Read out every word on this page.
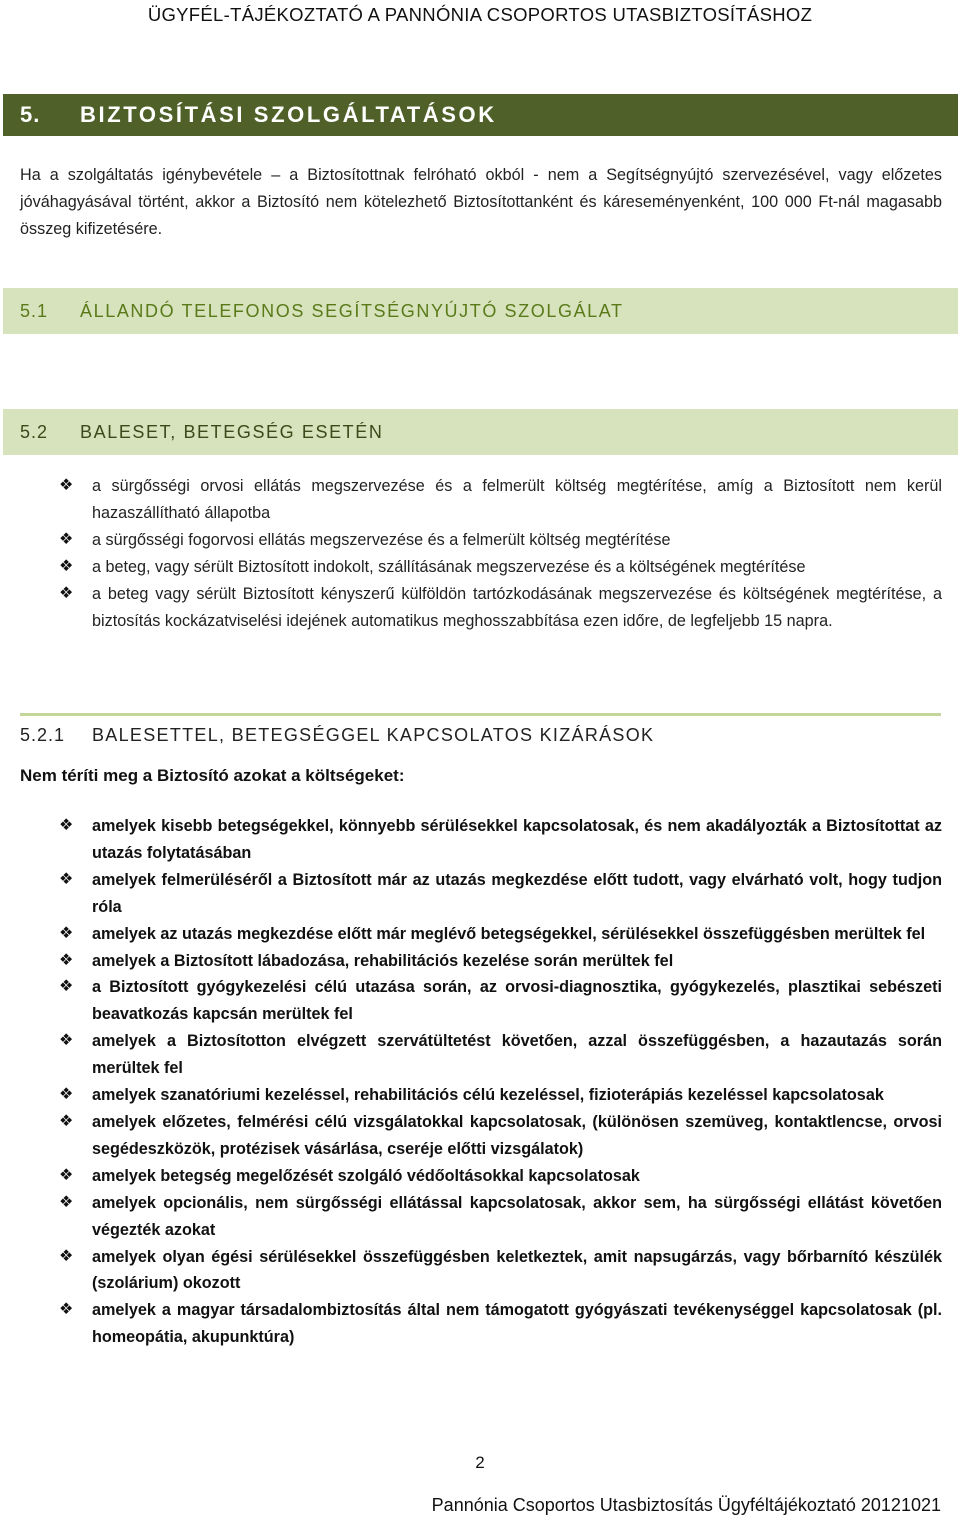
ÜGYFÉL-TÁJÉKOZTATÓ A PANNÓNIA CSOPORTOS UTASBIZTOSÍTÁSHOZ
5.	BIZTOSÍTÁSI SZOLGÁLTATÁSOK

Ha a szolgáltatás igénybevétele – a Biztosítottnak felróható okból - nem a Segítségnyújtó szervezésével, vagy előzetes jóváhagyásával történt, akkor a Biztosító nem kötelezhető Biztosítottanként és káreseményenként, 100 000 Ft-nál magasabb összeg kifizetésére.

5.1	ÁLLANDÓ TELEFONOS SEGÍTSÉGNYÚJTÓ SZOLGÁLAT
5.2	BALESET, BETEGSÉG ESETÉN
❖ a sürgősségi orvosi ellátás megszervezése és a felmerült költség megtérítése, amíg a Biztosított nem kerül hazaszállítható állapotba
❖ a sürgősségi fogorvosi ellátás megszervezése és a felmerült költség megtérítése
❖ a beteg, vagy sérült Biztosított indokolt, szállításának megszervezése és a költségének megtérítése
❖ a beteg vagy sérült Biztosított kényszerű külföldön tartózkodásának megszervezése és költségének megtérítése, a biztosítás kockázatviselési idejének automatikus meghosszabbítása ezen időre, de legfeljebb 15 napra.
5.2.1	BALESETTEL, BETEGSÉGGEL KAPCSOLATOS KIZÁRÁSOK
Nem téríti meg a Biztosító azokat a költségeket:
❖ amelyek kisebb betegségekkel, könnyebb sérülésekkel kapcsolatosak, és nem akadályozták a Biztosítottat az utazás folytatásában
❖ amelyek felmerüléséről a Biztosított már az utazás megkezdése előtt tudott, vagy elvárható volt, hogy tudjon róla
❖ amelyek az utazás megkezdése előtt már meglévő betegségekkel, sérülésekkel összefüggésben merültek fel
❖ amelyek a Biztosított lábadozása, rehabilitációs kezelése során merültek fel
❖ a Biztosított gyógykezelési célú utazása során, az orvosi-diagnosztika, gyógykezelés, plasztikai sebészeti beavatkozás kapcsán merültek fel
❖ amelyek a Biztosítotton elvégzett szervátültetést követően, azzal összefüggésben, a hazautazás során merültek fel
❖ amelyek szanatóriumi kezeléssel, rehabilitációs célú kezeléssel, fizioterápiás kezeléssel kapcsolatosak
❖ amelyek előzetes, felmérési célú vizsgálatokkal kapcsolatosak, (különösen szemüveg, kontaktlencse, orvosi segédeszközök, protézisek vásárlása, cseréje előtti vizsgálatok)
❖ amelyek betegség megelőzését szolgáló védőoltásokkal kapcsolatosak
❖ amelyek opcionális, nem sürgősségi ellátással kapcsolatosak, akkor sem, ha sürgősségi ellátást követően végezték azokat
❖ amelyek olyan égési sérülésekkel összefüggésben keletkeztek, amit napsugárzás, vagy bőrbarnító készülék (szolárium) okozott
❖ amelyek a magyar társadalombiztosítás által nem támogatott gyógyászati tevékenységgel kapcsolatosak (pl. homeopátia, akupunktúra)
2
Pannónia Csoportos Utasbiztosítás Ügyféltájékoztató 20121021
